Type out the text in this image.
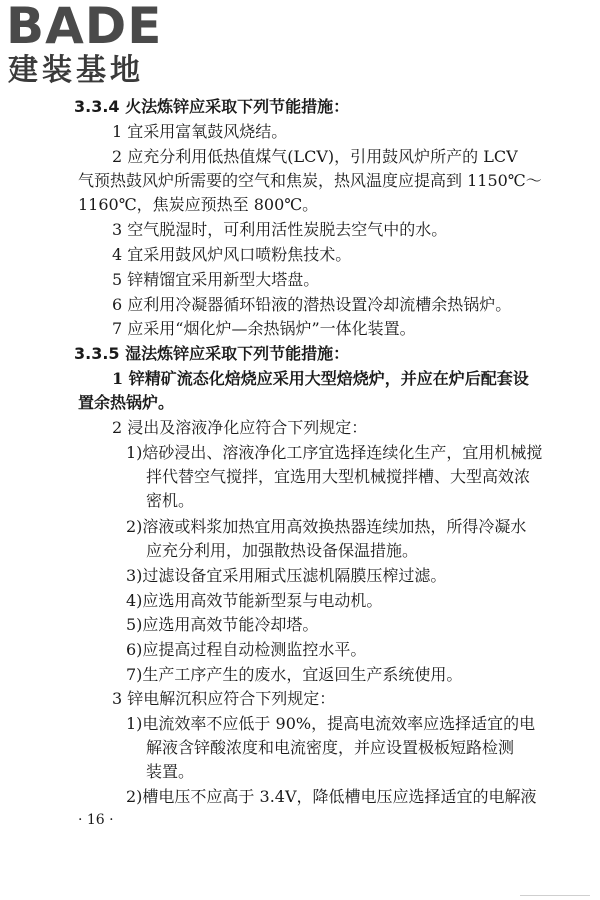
BADE
建装基地

3.3.4 火法炼锌应采取下列节能措施：

1 宜采用富氧鼓风烧结。

2 应充分利用低热值煤气(LCV)，引用鼓风炉所产的 LCV

气预热鼓风炉所需要的空气和焦炭，热风温度应提高到 1150℃～

1160℃，焦炭应预热至 800℃。

3 空气脱湿时，可利用活性炭脱去空气中的水。

4 宜采用鼓风炉风口喷粉焦技术。

5 锌精馏宜采用新型大塔盘。

6 应利用冷凝器循环铅液的潜热设置冷却流槽余热锅炉。

7 应采用“烟化炉—余热锅炉”一体化装置。

3.3.5 湿法炼锌应采取下列节能措施：

1 锌精矿流态化焙烧应采用大型焙烧炉，并应在炉后配套设

置余热锅炉。

2 浸出及溶液净化应符合下列规定：

1)焙砂浸出、溶液净化工序宜选择连续化生产，宜用机械搅

拌代替空气搅拌，宜选用大型机械搅拌槽、大型高效浓

密机。

2)溶液或料浆加热宜用高效换热器连续加热，所得冷凝水

应充分利用，加强散热设备保温措施。

3)过滤设备宜采用厢式压滤机隔膜压榨过滤。

4)应选用高效节能新型泵与电动机。

5)应选用高效节能冷却塔。

6)应提高过程自动检测监控水平。

7)生产工序产生的废水，宜返回生产系统使用。

3 锌电解沉积应符合下列规定：

1)电流效率不应低于 90%，提高电流效率应选择适宜的电

解液含锌酸浓度和电流密度，并应设置极板短路检测

装置。

2)槽电压不应高于 3.4V，降低槽电压应选择适宜的电解液

· 16 ·
